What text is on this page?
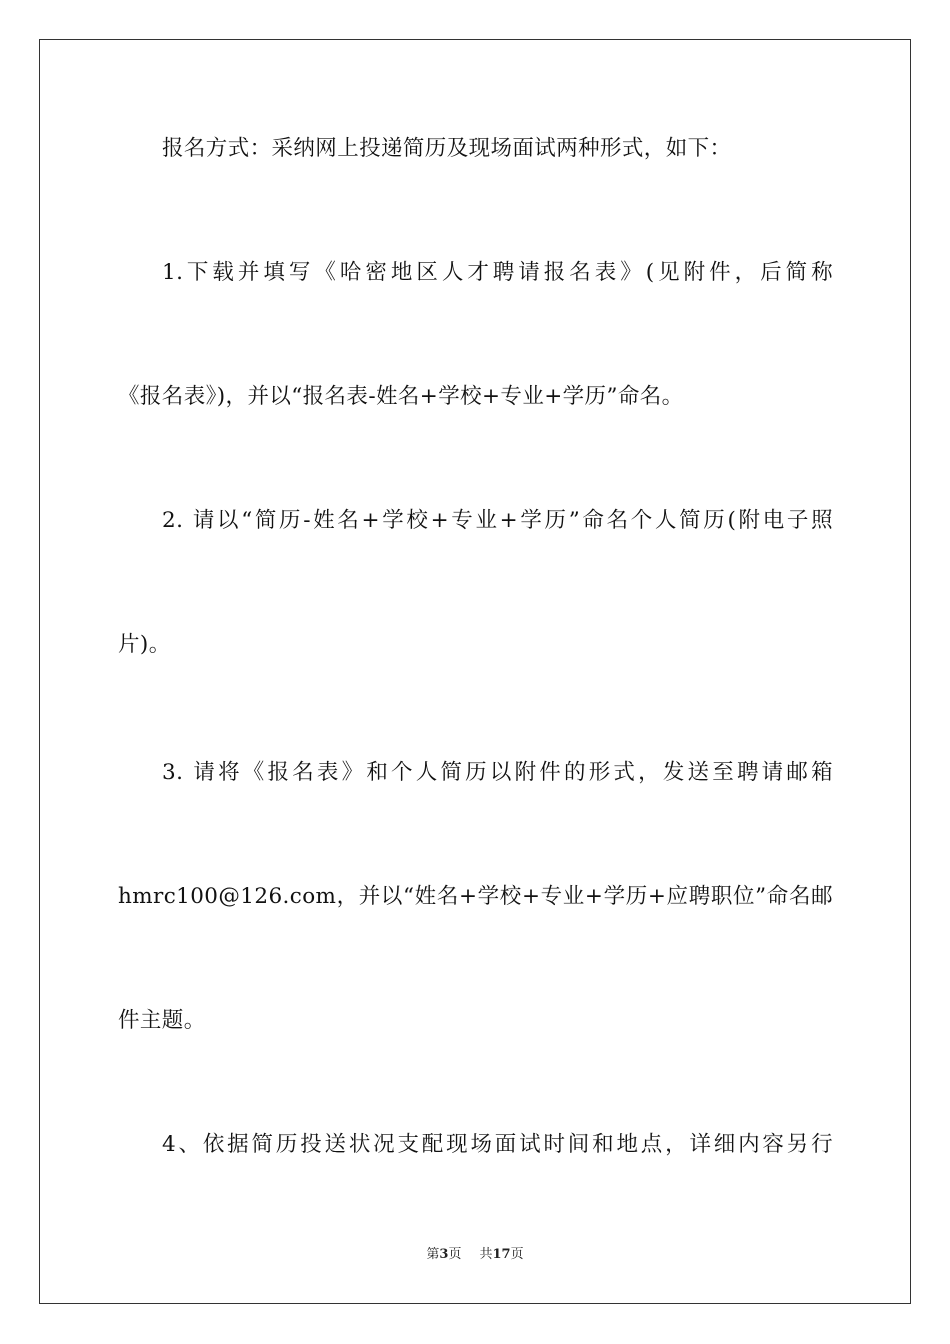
报名方式：采纳网上投递简历及现场面试两种形式，如下：
1.下载并填写《哈密地区人才聘请报名表》(见附件，后简称
《报名表》)，并以“报名表-姓名+学校+专业+学历”命名。
2. 请以“简历-姓名+学校+专业+学历”命名个人简历(附电子照
片)。
3. 请将《报名表》和个人简历以附件的形式，发送至聘请邮箱
hmrc100@126.com，并以“姓名+学校+专业+学历+应聘职位”命名邮
件主题。
4、依据简历投送状况支配现场面试时间和地点，详细内容另行
第3页 共17页
